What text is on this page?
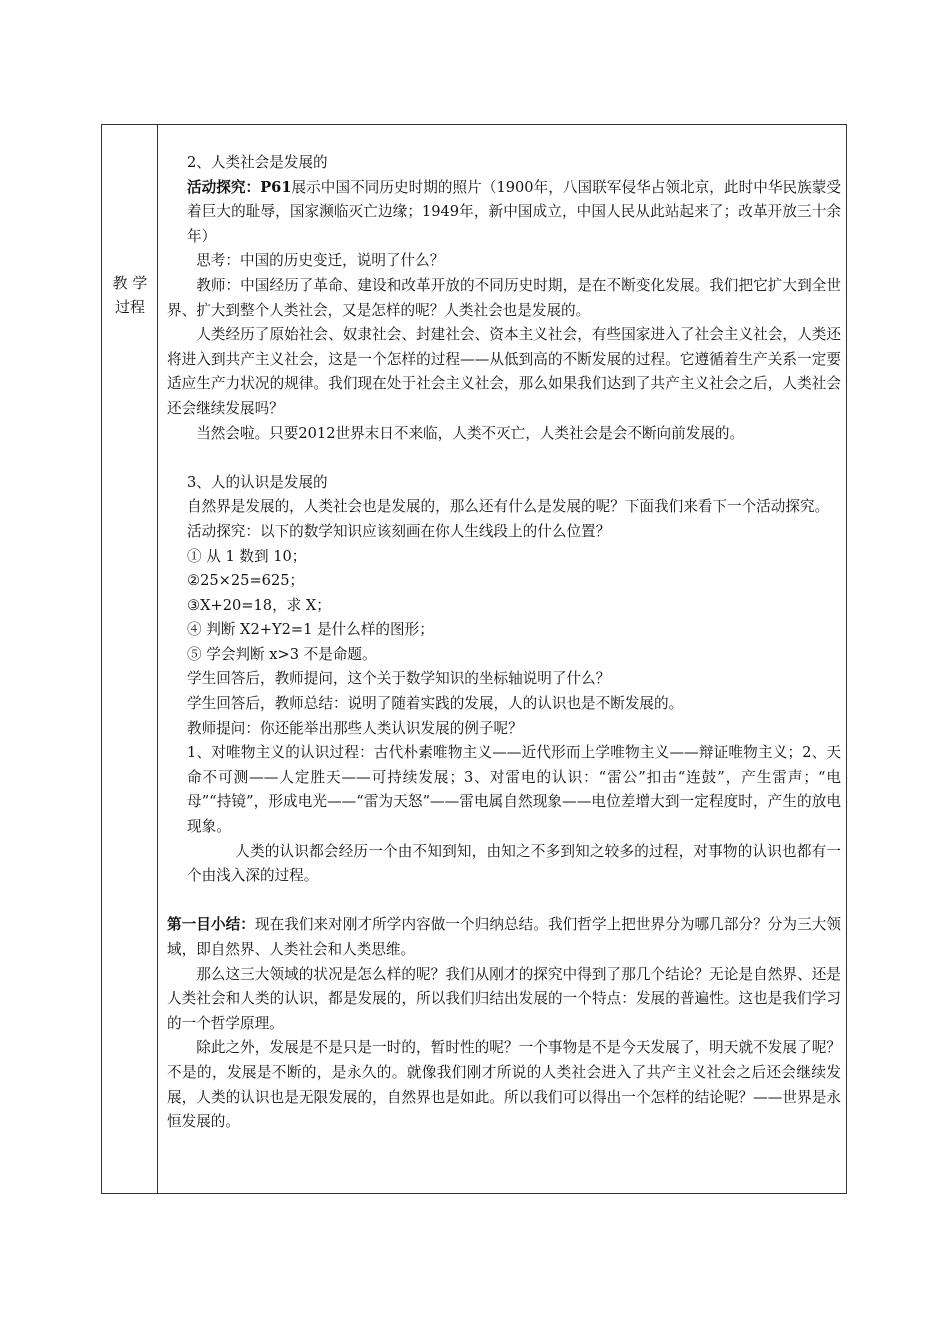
教 学
过程

2、人类社会是发展的

活动探究：P61展示中国不同历史时期的照片（1900年，八国联军侵华占领北京，此时中华民族蒙受着巨大的耻辱，国家濒临灭亡边缘；1949年，新中国成立，中国人民从此站起来了；改革开放三十余年）

思考：中国的历史变迁，说明了什么？

教师：中国经历了革命、建设和改革开放的不同历史时期，是在不断变化发展。我们把它扩大到全世界、扩大到整个人类社会，又是怎样的呢？人类社会也是发展的。

人类经历了原始社会、奴隶社会、封建社会、资本主义社会，有些国家进入了社会主义社会，人类还将进入到共产主义社会，这是一个怎样的过程——从低到高的不断发展的过程。它遵循着生产关系一定要适应生产力状况的规律。我们现在处于社会主义社会，那么如果我们达到了共产主义社会之后，人类社会还会继续发展吗？

当然会啦。只要2012世界末日不来临，人类不灭亡，人类社会是会不断向前发展的。

3、人的认识是发展的

自然界是发展的，人类社会也是发展的，那么还有什么是发展的呢？下面我们来看下一个活动探究。

活动探究：以下的数学知识应该刻画在你人生线段上的什么位置？

① 从 1 数到 10；

②25×25=625；

③X+20=18，求 X；

④ 判断 X2+Y2=1 是什么样的图形；

⑤ 学会判断 x>3 不是命题。

学生回答后，教师提问，这个关于数学知识的坐标轴说明了什么？

学生回答后，教师总结：说明了随着实践的发展，人的认识也是不断发展的。

教师提问：你还能举出那些人类认识发展的例子呢？

1、对唯物主义的认识过程：古代朴素唯物主义——近代形而上学唯物主义——辩证唯物主义；2、天命不可测——人定胜天——可持续发展；3、对雷电的认识：“雷公”扣击“连鼓”，产生雷声；“电母”“持镜”，形成电光——“雷为天怒”——雷电属自然现象——电位差增大到一定程度时，产生的放电现象。

人类的认识都会经历一个由不知到知，由知之不多到知之较多的过程，对事物的认识也都有一个由浅入深的过程。

第一目小结：现在我们来对刚才所学内容做一个归纳总结。我们哲学上把世界分为哪几部分？分为三大领域，即自然界、人类社会和人类思维。

那么这三大领域的状况是怎么样的呢？我们从刚才的探究中得到了那几个结论？无论是自然界、还是人类社会和人类的认识，都是发展的，所以我们归结出发展的一个特点：发展的普遍性。这也是我们学习的一个哲学原理。

除此之外，发展是不是只是一时的，暂时性的呢？一个事物是不是今天发展了，明天就不发展了呢？不是的，发展是不断的，是永久的。就像我们刚才所说的人类社会进入了共产主义社会之后还会继续发展，人类的认识也是无限发展的，自然界也是如此。所以我们可以得出一个怎样的结论呢？——世界是永恒发展的。
